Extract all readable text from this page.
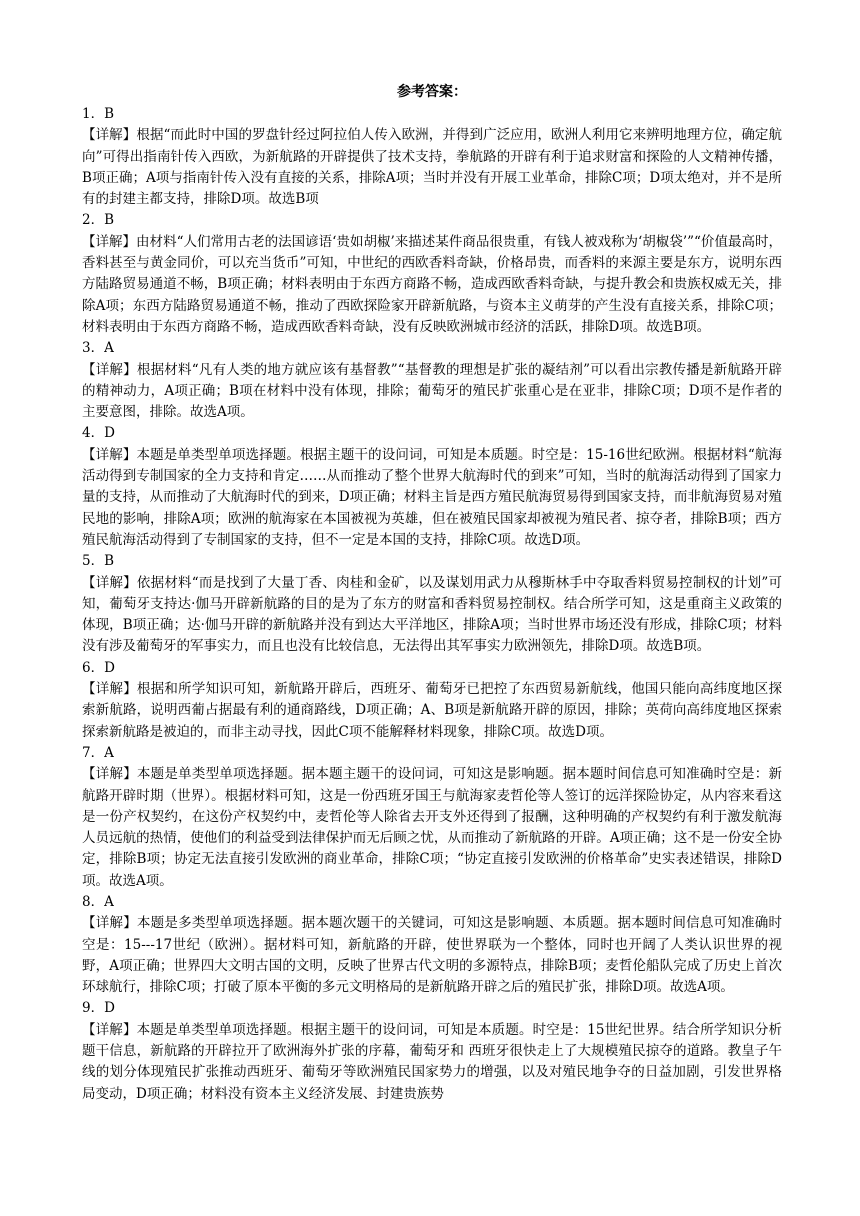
参考答案：
1．B

【详解】根据“而此时中国的罗盘针经过阿拉伯人传入欧洲，并得到广泛应用，欧洲人利用它来辨明地理方位，确定航向”可得出指南针传入西欧，为新航路的开辟提供了技术支持，拳航路的开辟有利于追求财富和探险的人文精神传播，B项正确；A项与指南针传入没有直接的关系，排除A项；当时并没有开展工业革命，排除C项；D项太绝对，并不是所有的封建主都支持，排除D项。故选B项

2．B

【详解】由材料“人们常用古老的法国谚语‘贵如胡椒’来描述某件商品很贵重，有钱人被戏称为‘胡椒袋’”“价值最高时，香料甚至与黄金同价，可以充当货币”可知，中世纪的西欧香料奇缺，价格昂贵，而香料的来源主要是东方，说明东西方陆路贸易通道不畅，B项正确；材料表明由于东西方商路不畅，造成西欧香料奇缺，与提升教会和贵族权威无关，排除A项；东西方陆路贸易通道不畅，推动了西欧探险家开辟新航路，与资本主义萌芽的产生没有直接关系，排除C项；材料表明由于东西方商路不畅，造成西欧香料奇缺，没有反映欧洲城市经济的活跃，排除D项。故选B项。

3．A

【详解】根据材料“凡有人类的地方就应该有基督教”“基督教的理想是扩张的凝结剂”可以看出宗教传播是新航路开辟的精神动力，A项正确；B项在材料中没有体现，排除；葡萄牙的殖民扩张重心是在亚非，排除C项；D项不是作者的主要意图，排除。故选A项。

4．D

【详解】本题是单类型单项选择题。根据主题干的设问词，可知是本质题。时空是：15-16世纪欧洲。根据材料“航海活动得到专制国家的全力支持和肯定……从而推动了整个世界大航海时代的到来”可知，当时的航海活动得到了国家力量的支持，从而推动了大航海时代的到来，D项正确；材料主旨是西方殖民航海贸易得到国家支持，而非航海贸易对殖民地的影响，排除A项；欧洲的航海家在本国被视为英雄，但在被殖民国家却被视为殖民者、掠夺者，排除B项；西方殖民航海活动得到了专制国家的支持，但不一定是本国的支持，排除C项。故选D项。

5．B

【详解】依据材料“而是找到了大量丁香、肉桂和金矿，以及谋划用武力从穆斯林手中夺取香料贸易控制权的计划”可知，葡萄牙支持达·伽马开辟新航路的目的是为了东方的财富和香料贸易控制权。结合所学可知，这是重商主义政策的体现，B项正确；达·伽马开辟的新航路并没有到达大平洋地区，排除A项；当时世界市场还没有形成，排除C项；材料没有涉及葡萄牙的军事实力，而且也没有比较信息，无法得出其军事实力欧洲领先，排除D项。故选B项。

6．D

【详解】根据和所学知识可知，新航路开辟后，西班牙、葡萄牙已把控了东西贸易新航线，他国只能向高纬度地区探索新航路，说明西葡占据最有利的通商路线，D项正确；A、B项是新航路开辟的原因，排除；英荷向高纬度地区探索探索新航路是被迫的，而非主动寻找，因此C项不能解释材料现象，排除C项。故选D项。

7．A

【详解】本题是单类型单项选择题。据本题主题干的设问词，可知这是影响题。据本题时间信息可知准确时空是：新航路开辟时期（世界）。根据材料可知，这是一份西班牙国王与航海家麦哲伦等人签订的远洋探险协定，从内容来看这是一份产权契约，在这份产权契约中，麦哲伦等人除省去开支外还得到了报酬，这种明确的产权契约有利于激发航海人员远航的热情，使他们的利益受到法律保护而无后顾之忧，从而推动了新航路的开辟。A项正确；这不是一份安全协定，排除B项；协定无法直接引发欧洲的商业革命，排除C项；“协定直接引发欧洲的价格革命”史实表述错误，排除D项。故选A项。

8．A

【详解】本题是多类型单项选择题。据本题次题干的关键词，可知这是影响题、本质题。据本题时间信息可知准确时空是：15---17世纪（欧洲）。据材料可知，新航路的开辟，使世界联为一个整体，同时也开阔了人类认识世界的视野，A项正确；世界四大文明古国的文明，反映了世界古代文明的多源特点，排除B项；麦哲伦船队完成了历史上首次环球航行，排除C项；打破了原本平衡的多元文明格局的是新航路开辟之后的殖民扩张，排除D项。故选A项。

9．D

【详解】本题是单类型单项选择题。根据主题干的设问词，可知是本质题。时空是：15世纪世界。结合所学知识分析题干信息，新航路的开辟拉开了欧洲海外扩张的序幕，葡萄牙和 西班牙很快走上了大规模殖民掠夺的道路。教皇子午线的划分体现殖民扩张推动西班牙、葡萄牙等欧洲殖民国家势力的增强，以及对殖民地争夺的日益加剧，引发世界格局变动，D项正确；材料没有资本主义经济发展、封建贵族势
